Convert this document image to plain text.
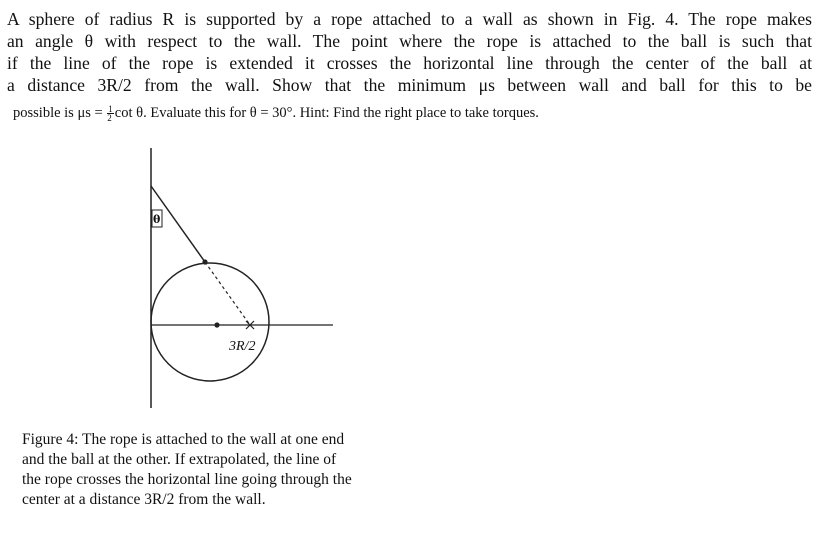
A sphere of radius R is supported by a rope attached to a wall as shown in Fig. 4. The rope makes
an angle θ with respect to the wall. The point where the rope is attached to the ball is such that
if the line of the rope is extended it crosses the horizontal line through the center of the ball at
a distance 3R/2 from the wall. Show that the minimum μs between wall and ball for this to be
possible is $\mu s = \frac{1}{2}$ cot θ. Evaluate this for θ = 30°. Hint: Find the right place to take torques.
θ
3R/2
Figure 4: The rope is attached to the wall at one end
and the ball at the other. If extrapolated, the line of
the rope crosses the horizontal line going through the
center at a distance 3R/2 from the wall.
